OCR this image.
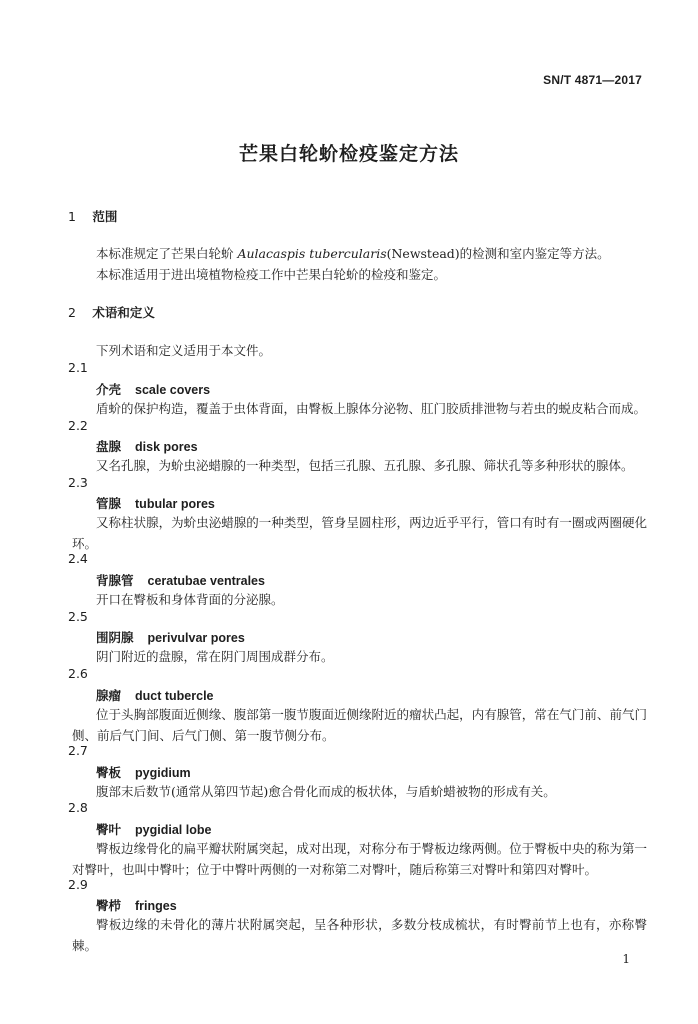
SN/T 4871—2017
芒果白轮蚧检疫鉴定方法
1 范围
本标准规定了芒果白轮蚧 Aulacaspis tubercularis(Newstead)的检测和室内鉴定等方法。
本标准适用于进出境植物检疫工作中芒果白轮蚧的检疫和鉴定。
2 术语和定义
下列术语和定义适用于本文件。
2.1
介壳 scale covers
盾蚧的保护构造，覆盖于虫体背面，由臀板上腺体分泌物、肛门胶质排泄物与若虫的蜕皮粘合而成。
2.2
盘腺 disk pores
又名孔腺，为蚧虫泌蜡腺的一种类型，包括三孔腺、五孔腺、多孔腺、筛状孔等多种形状的腺体。
2.3
管腺 tubular pores
又称柱状腺，为蚧虫泌蜡腺的一种类型，管身呈圆柱形，两边近乎平行，管口有时有一圈或两圈硬化环。
2.4
背腺管 ceratubae ventrales
开口在臀板和身体背面的分泌腺。
2.5
围阴腺 perivulvar pores
阴门附近的盘腺，常在阴门周围成群分布。
2.6
腺瘤 duct tubercle
位于头胸部腹面近侧缘、腹部第一腹节腹面近侧缘附近的瘤状凸起，内有腺管，常在气门前、前气门侧、前后气门间、后气门侧、第一腹节侧分布。
2.7
臀板 pygidium
腹部末后数节(通常从第四节起)愈合骨化而成的板状体，与盾蚧蜡被物的形成有关。
2.8
臀叶 pygidial lobe
臀板边缘骨化的扁平瓣状附属突起，成对出现，对称分布于臀板边缘两侧。位于臀板中央的称为第一对臀叶，也叫中臀叶；位于中臀叶两侧的一对称第二对臀叶，随后称第三对臀叶和第四对臀叶。
2.9
臀栉 fringes
臀板边缘的未骨化的薄片状附属突起，呈各种形状，多数分枝成梳状，有时臀前节上也有，亦称臀棘。
1
